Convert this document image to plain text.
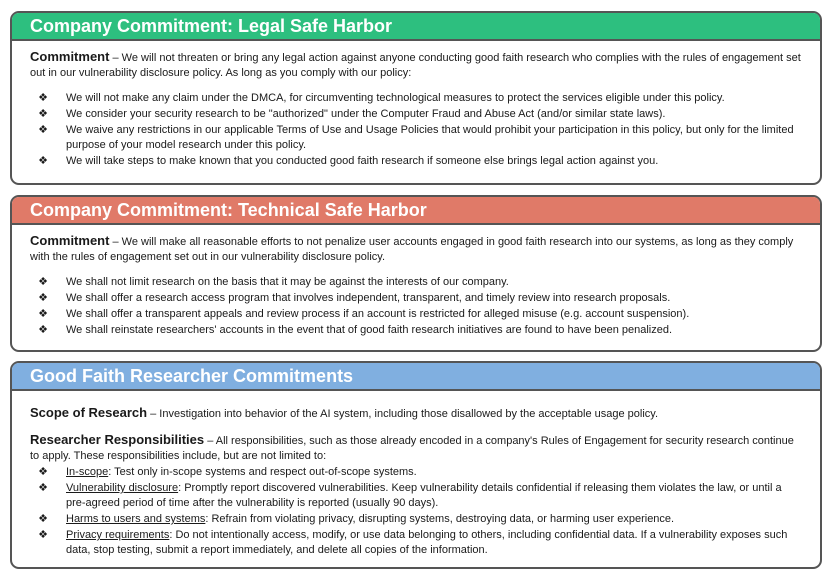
Company Commitment: Legal Safe Harbor

Commitment – We will not threaten or bring any legal action against anyone conducting good faith research who complies with the rules of engagement set out in our vulnerability disclosure policy. As long as you comply with our policy:

❖ We will not make any claim under the DMCA, for circumventing technological measures to protect the services eligible under this policy.
❖ We consider your security research to be "authorized" under the Computer Fraud and Abuse Act (and/or similar state laws).
❖ We waive any restrictions in our applicable Terms of Use and Usage Policies that would prohibit your participation in this policy, but only for the limited purpose of your model research under this policy.
❖ We will take steps to make known that you conducted good faith research if someone else brings legal action against you.
Company Commitment: Technical Safe Harbor

Commitment – We will make all reasonable efforts to not penalize user accounts engaged in good faith research into our systems, as long as they comply with the rules of engagement set out in our vulnerability disclosure policy.

❖ We shall not limit research on the basis that it may be against the interests of our company.
❖ We shall offer a research access program that involves independent, transparent, and timely review into research proposals.
❖ We shall offer a transparent appeals and review process if an account is restricted for alleged misuse (e.g. account suspension).
❖ We shall reinstate researchers' accounts in the event that of good faith research initiatives are found to have been penalized.
Good Faith Researcher Commitments

Scope of Research – Investigation into behavior of the AI system, including those disallowed by the acceptable usage policy.

Researcher Responsibilities – All responsibilities, such as those already encoded in a company's Rules of Engagement for security research continue to apply. These responsibilities include, but are not limited to:

❖ In-scope: Test only in-scope systems and respect out-of-scope systems.
❖ Vulnerability disclosure: Promptly report discovered vulnerabilities. Keep vulnerability details confidential if releasing them violates the law, or until a pre-agreed period of time after the vulnerability is reported (usually 90 days).
❖ Harms to users and systems: Refrain from violating privacy, disrupting systems, destroying data, or harming user experience.
❖ Privacy requirements: Do not intentionally access, modify, or use data belonging to others, including confidential data. If a vulnerability exposes such data, stop testing, submit a report immediately, and delete all copies of the information.
